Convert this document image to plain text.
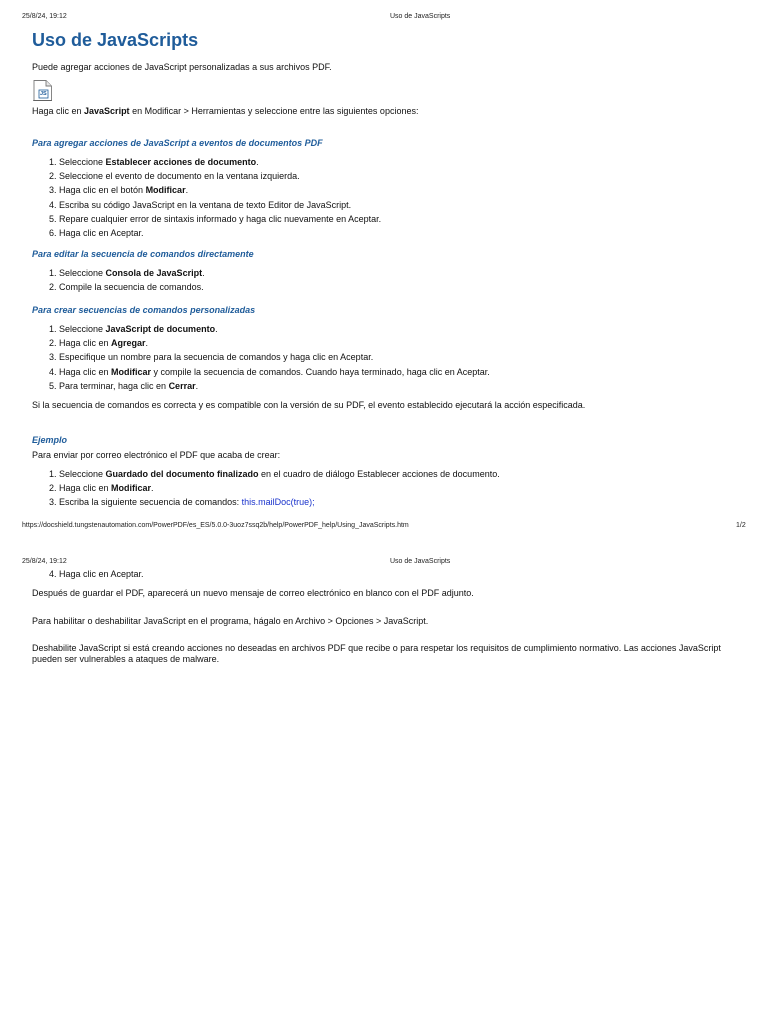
25/8/24, 19:12	Uso de JavaScripts
Uso de JavaScripts
Puede agregar acciones de JavaScript personalizadas a sus archivos PDF.
JS
Haga clic en JavaScript en Modificar > Herramientas y seleccione entre las siguientes opciones:
Para agregar acciones de JavaScript a eventos de documentos PDF
1. Seleccione Establecer acciones de documento.
2. Seleccione el evento de documento en la ventana izquierda.
3. Haga clic en el botón Modificar.
4. Escriba su código JavaScript en la ventana de texto Editor de JavaScript.
5. Repare cualquier error de sintaxis informado y haga clic nuevamente en Aceptar.
6. Haga clic en Aceptar.
Para editar la secuencia de comandos directamente
1. Seleccione Consola de JavaScript.
2. Compile la secuencia de comandos.
Para crear secuencias de comandos personalizadas
1. Seleccione JavaScript de documento.
2. Haga clic en Agregar.
3. Especifique un nombre para la secuencia de comandos y haga clic en Aceptar.
4. Haga clic en Modificar y compile la secuencia de comandos. Cuando haya terminado, haga clic en Aceptar.
5. Para terminar, haga clic en Cerrar.
Si la secuencia de comandos es correcta y es compatible con la versión de su PDF, el evento establecido ejecutará la acción especificada.
Ejemplo
Para enviar por correo electrónico el PDF que acaba de crear:
1. Seleccione Guardado del documento finalizado en el cuadro de diálogo Establecer acciones de documento.
2. Haga clic en Modificar.
3. Escriba la siguiente secuencia de comandos: this.mailDoc(true);
https://docshield.tungstenautomation.com/PowerPDF/es_ES/5.0.0-3uoz7ssq2b/help/PowerPDF_help/Using_JavaScripts.htm	1/2
25/8/24, 19:12	Uso de JavaScripts
4. Haga clic en Aceptar.
Después de guardar el PDF, aparecerá un nuevo mensaje de correo electrónico en blanco con el PDF adjunto.
Para habilitar o deshabilitar JavaScript en el programa, hágalo en Archivo > Opciones > JavaScript.
Deshabilite JavaScript si está creando acciones no deseadas en archivos PDF que recibe o para respetar los requisitos de cumplimiento normativo. Las acciones JavaScript pueden ser vulnerables a ataques de malware.
